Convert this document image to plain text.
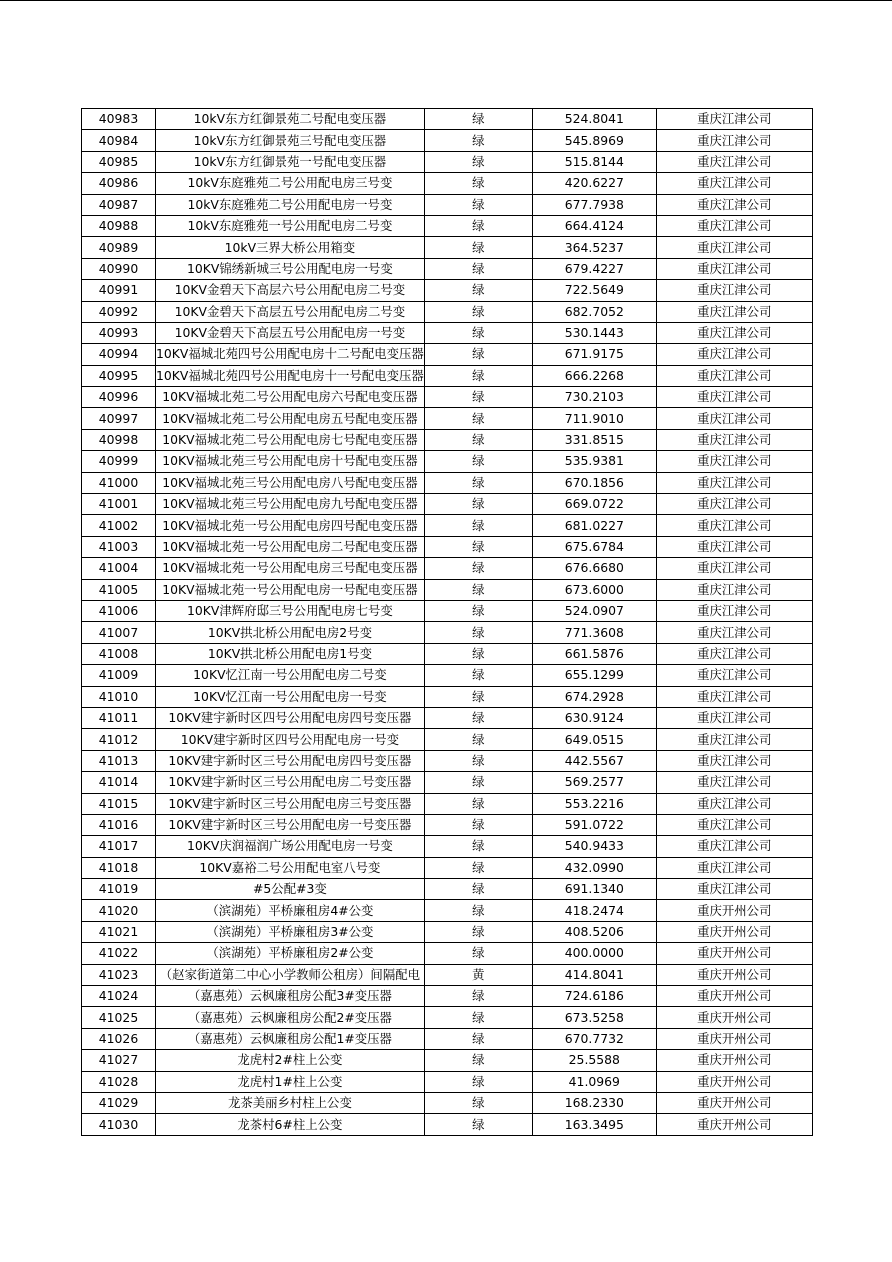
40983	10kV东方红御景苑二号配电变压器	绿	524.8041	重庆江津公司
40984	10kV东方红御景苑三号配电变压器	绿	545.8969	重庆江津公司
40985	10kV东方红御景苑一号配电变压器	绿	515.8144	重庆江津公司
40986	10kV东庭雅苑二号公用配电房三号变	绿	420.6227	重庆江津公司
40987	10kV东庭雅苑二号公用配电房一号变	绿	677.7938	重庆江津公司
40988	10kV东庭雅苑一号公用配电房二号变	绿	664.4124	重庆江津公司
40989	10kV三界大桥公用箱变	绿	364.5237	重庆江津公司
40990	10KV锦绣新城三号公用配电房一号变	绿	679.4227	重庆江津公司
40991	10KV金碧天下高层六号公用配电房二号变	绿	722.5649	重庆江津公司
40992	10KV金碧天下高层五号公用配电房二号变	绿	682.7052	重庆江津公司
40993	10KV金碧天下高层五号公用配电房一号变	绿	530.1443	重庆江津公司
40994	10KV福城北苑四号公用配电房十二号配电变压器	绿	671.9175	重庆江津公司
40995	10KV福城北苑四号公用配电房十一号配电变压器	绿	666.2268	重庆江津公司
40996	10KV福城北苑二号公用配电房六号配电变压器	绿	730.2103	重庆江津公司
40997	10KV福城北苑二号公用配电房五号配电变压器	绿	711.9010	重庆江津公司
40998	10KV福城北苑二号公用配电房七号配电变压器	绿	331.8515	重庆江津公司
40999	10KV福城北苑三号公用配电房十号配电变压器	绿	535.9381	重庆江津公司
41000	10KV福城北苑三号公用配电房八号配电变压器	绿	670.1856	重庆江津公司
41001	10KV福城北苑三号公用配电房九号配电变压器	绿	669.0722	重庆江津公司
41002	10KV福城北苑一号公用配电房四号配电变压器	绿	681.0227	重庆江津公司
41003	10KV福城北苑一号公用配电房二号配电变压器	绿	675.6784	重庆江津公司
41004	10KV福城北苑一号公用配电房三号配电变压器	绿	676.6680	重庆江津公司
41005	10KV福城北苑一号公用配电房一号配电变压器	绿	673.6000	重庆江津公司
41006	10KV津辉府邸三号公用配电房七号变	绿	524.0907	重庆江津公司
41007	10KV拱北桥公用配电房2号变	绿	771.3608	重庆江津公司
41008	10KV拱北桥公用配电房1号变	绿	661.5876	重庆江津公司
41009	10KV忆江南一号公用配电房二号变	绿	655.1299	重庆江津公司
41010	10KV忆江南一号公用配电房一号变	绿	674.2928	重庆江津公司
41011	10KV建宇新时区四号公用配电房四号变压器	绿	630.9124	重庆江津公司
41012	10KV建宇新时区四号公用配电房一号变	绿	649.0515	重庆江津公司
41013	10KV建宇新时区三号公用配电房四号变压器	绿	442.5567	重庆江津公司
41014	10KV建宇新时区三号公用配电房二号变压器	绿	569.2577	重庆江津公司
41015	10KV建宇新时区三号公用配电房三号变压器	绿	553.2216	重庆江津公司
41016	10KV建宇新时区三号公用配电房一号变压器	绿	591.0722	重庆江津公司
41017	10KV庆润福润广场公用配电房一号变	绿	540.9433	重庆江津公司
41018	10KV嘉裕二号公用配电室八号变	绿	432.0990	重庆江津公司
41019	#5公配#3变	绿	691.1340	重庆江津公司
41020	（滨湖苑）平桥廉租房4#公变	绿	418.2474	重庆开州公司
41021	（滨湖苑）平桥廉租房3#公变	绿	408.5206	重庆开州公司
41022	（滨湖苑）平桥廉租房2#公变	绿	400.0000	重庆开州公司
41023	（赵家街道第二中心小学教师公租房）间隔配电	黄	414.8041	重庆开州公司
41024	（嘉惠苑）云枫廉租房公配3#变压器	绿	724.6186	重庆开州公司
41025	（嘉惠苑）云枫廉租房公配2#变压器	绿	673.5258	重庆开州公司
41026	（嘉惠苑）云枫廉租房公配1#变压器	绿	670.7732	重庆开州公司
41027	龙虎村2#柱上公变	绿	25.5588	重庆开州公司
41028	龙虎村1#柱上公变	绿	41.0969	重庆开州公司
41029	龙茶美丽乡村柱上公变	绿	168.2330	重庆开州公司
41030	龙茶村6#柱上公变	绿	163.3495	重庆开州公司
